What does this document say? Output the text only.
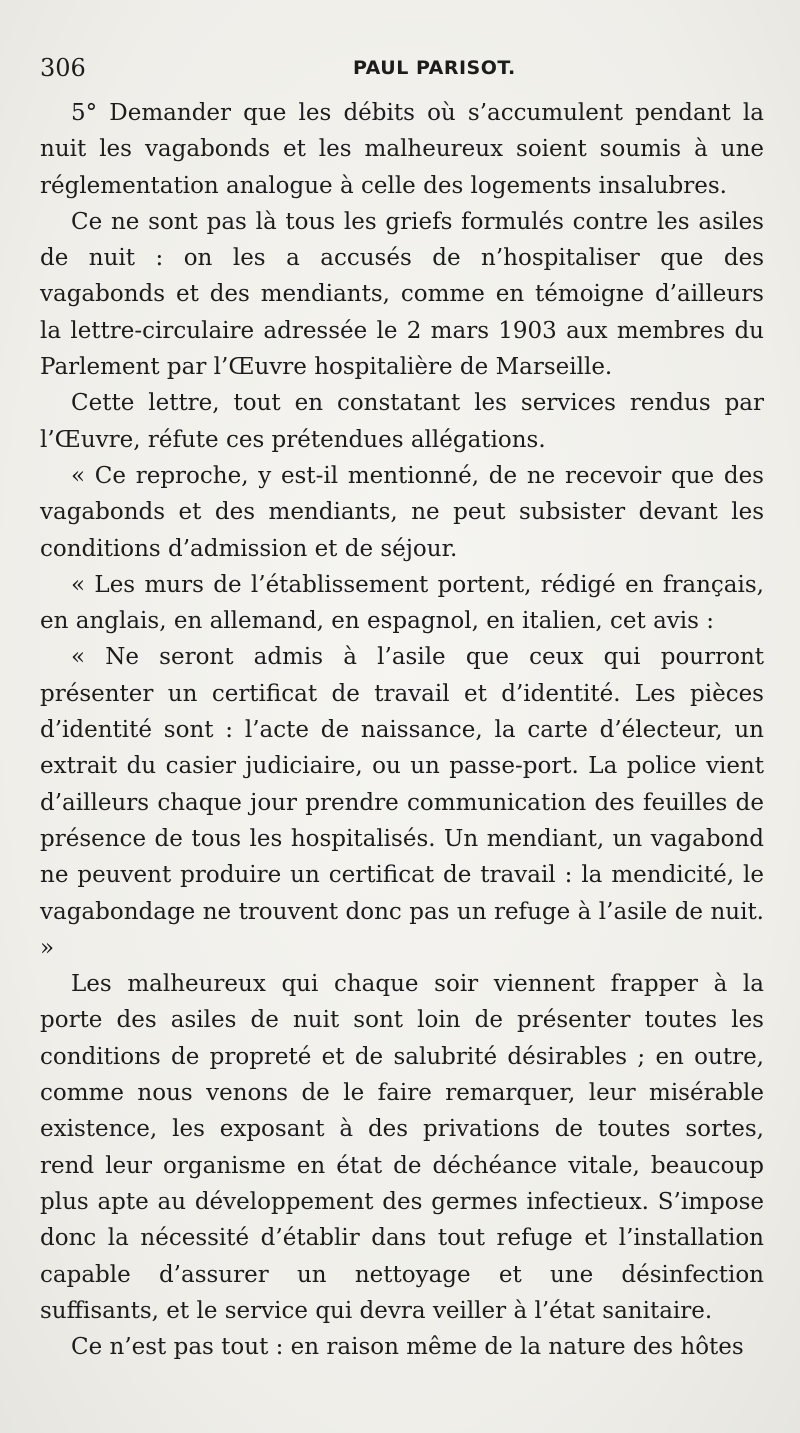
306	PAUL PARISOT.

5° Demander que les débits où s’accumulent pendant la nuit les vagabonds et les malheureux soient soumis à une réglementation analogue à celle des logements insalubres.

Ce ne sont pas là tous les griefs formulés contre les asiles de nuit : on les a accusés de n’hospitaliser que des vagabonds et des mendiants, comme en témoigne d’ailleurs la lettre-circulaire adressée le 2 mars 1903 aux membres du Parlement par l’Œuvre hospitalière de Marseille.

Cette lettre, tout en constatant les services rendus par l’Œuvre, réfute ces prétendues allégations.

« Ce reproche, y est-il mentionné, de ne recevoir que des vagabonds et des mendiants, ne peut subsister devant les conditions d’admission et de séjour.

« Les murs de l’établissement portent, rédigé en français, en anglais, en allemand, en espagnol, en italien, cet avis :

« Ne seront admis à l’asile que ceux qui pourront présenter un certificat de travail et d’identité. Les pièces d’identité sont : l’acte de naissance, la carte d’électeur, un extrait du casier judiciaire, ou un passe-port. La police vient d’ailleurs chaque jour prendre communication des feuilles de présence de tous les hospitalisés. Un mendiant, un vagabond ne peuvent produire un certificat de travail : la mendicité, le vagabondage ne trouvent donc pas un refuge à l’asile de nuit. »

Les malheureux qui chaque soir viennent frapper à la porte des asiles de nuit sont loin de présenter toutes les conditions de propreté et de salubrité désirables ; en outre, comme nous venons de le faire remarquer, leur misérable existence, les exposant à des privations de toutes sortes, rend leur organisme en état de déchéance vitale, beaucoup plus apte au développement des germes infectieux. S’impose donc la nécessité d’établir dans tout refuge et l’installation capable d’assurer un nettoyage et une désinfection suffisants, et le service qui devra veiller à l’état sanitaire.

Ce n’est pas tout : en raison même de la nature des hôtes
